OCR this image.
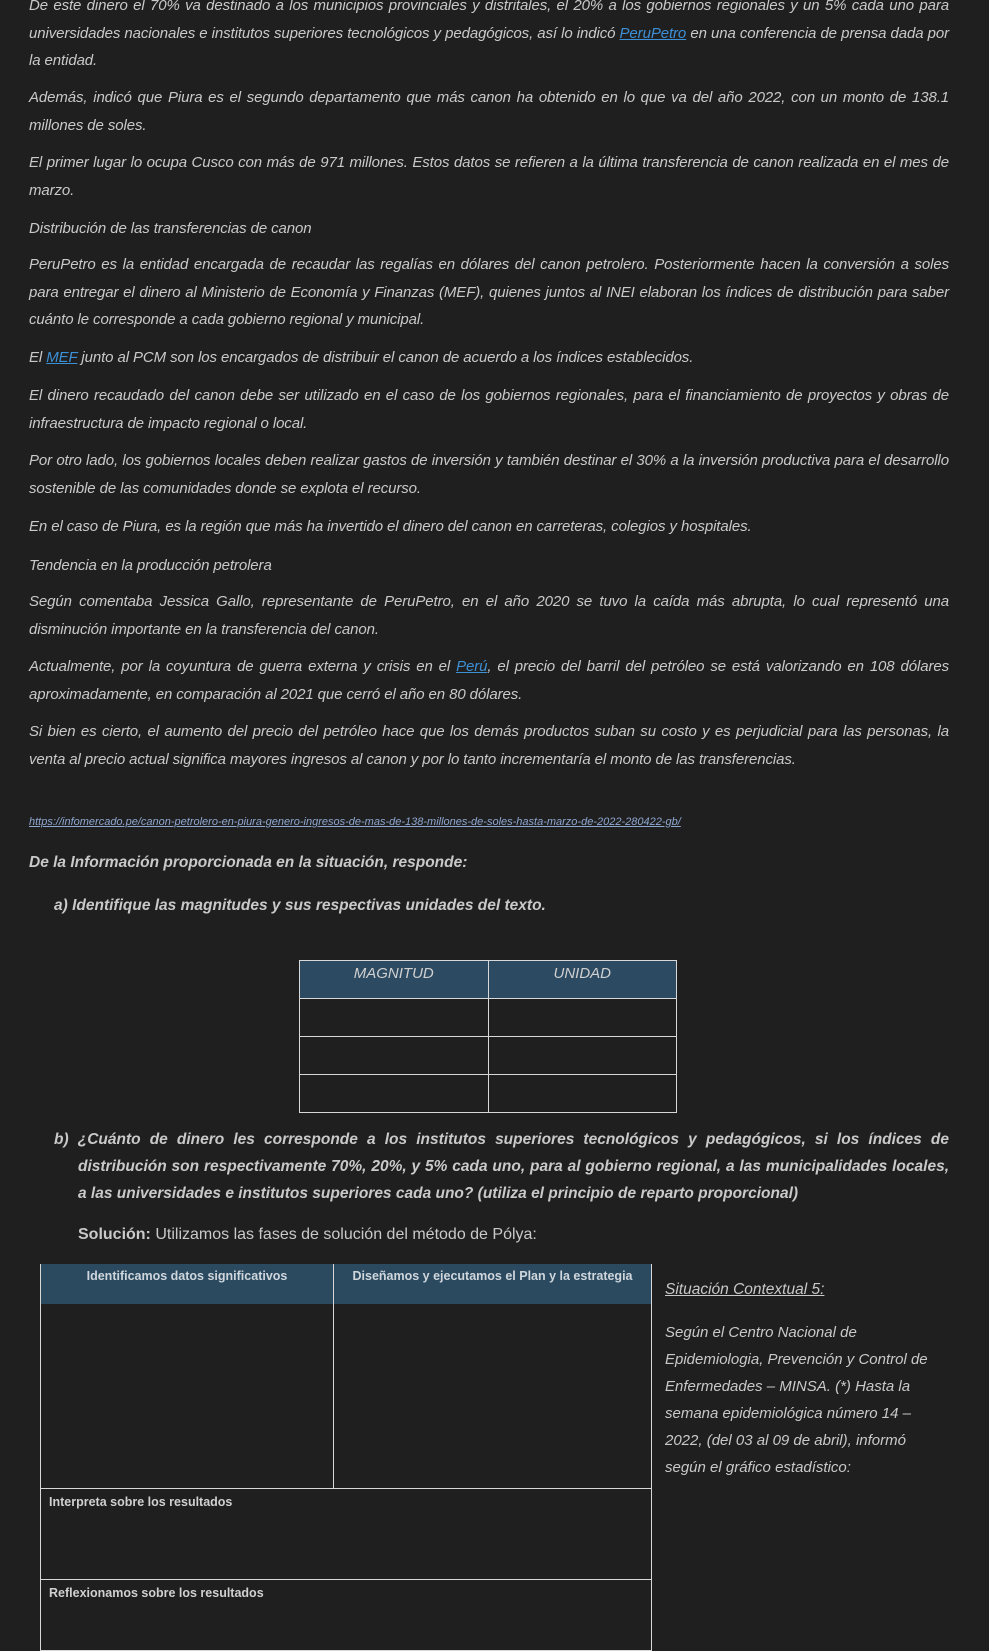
De este dinero el 70% va destinado a los municipios provinciales y distritales, el 20% a los gobiernos regionales y un 5% cada uno para universidades nacionales e institutos superiores tecnológicos y pedagógicos, así lo indicó PeruPetro en una conferencia de prensa dada por la entidad.

Además, indicó que Piura es el segundo departamento que más canon ha obtenido en lo que va del año 2022, con un monto de 138.1 millones de soles.

El primer lugar lo ocupa Cusco con más de 971 millones. Estos datos se refieren a la última transferencia de canon realizada en el mes de marzo.

Distribución de las transferencias de canon

PeruPetro es la entidad encargada de recaudar las regalías en dólares del canon petrolero. Posteriormente hacen la conversión a soles para entregar el dinero al Ministerio de Economía y Finanzas (MEF), quienes juntos al INEI elaboran los índices de distribución para saber cuánto le corresponde a cada gobierno regional y municipal.

El MEF junto al PCM son los encargados de distribuir el canon de acuerdo a los índices establecidos.

El dinero recaudado del canon debe ser utilizado en el caso de los gobiernos regionales, para el financiamiento de proyectos y obras de infraestructura de impacto regional o local.

Por otro lado, los gobiernos locales deben realizar gastos de inversión y también destinar el 30% a la inversión productiva para el desarrollo sostenible de las comunidades donde se explota el recurso.

En el caso de Piura, es la región que más ha invertido el dinero del canon en carreteras, colegios y hospitales.

Tendencia en la producción petrolera

Según comentaba Jessica Gallo, representante de PeruPetro, en el año 2020 se tuvo la caída más abrupta, lo cual representó una disminución importante en la transferencia del canon.

Actualmente, por la coyuntura de guerra externa y crisis en el Perú, el precio del barril del petróleo se está valorizando en 108 dólares aproximadamente, en comparación al 2021 que cerró el año en 80 dólares.

Si bien es cierto, el aumento del precio del petróleo hace que los demás productos suban su costo y es perjudicial para las personas, la venta al precio actual significa mayores ingresos al canon y por lo tanto incrementaría el monto de las transferencias.

https://infomercado.pe/canon-petrolero-en-piura-genero-ingresos-de-mas-de-138-millones-de-soles-hasta-marzo-de-2022-280422-gb/
De la Información proporcionada en la situación, responde:
a) Identifique las magnitudes y sus respectivas unidades del texto.
MAGNITUD	UNIDAD

b) ¿Cuánto de dinero les corresponde a los institutos superiores tecnológicos y pedagógicos, si los índices de distribución son respectivamente 70%, 20%, y 5% cada uno, para al gobierno regional, a las municipalidades locales, a las universidades e institutos superiores cada uno? (utiliza el principio de reparto proporcional)
Solución: Utilizamos las fases de solución del método de Pólya:
Identificamos datos significativos	Diseñamos y ejecutamos el Plan y la estrategia

Interpreta sobre los resultados	
Reflexionamos sobre los resultados	
Situación Contextual 5:
Según el Centro Nacional de Epidemiologia, Prevención y Control de Enfermedades – MINSA. (*) Hasta la semana epidemiológica número 14 – 2022, (del 03 al 09 de abril), informó según el gráfico estadístico:
